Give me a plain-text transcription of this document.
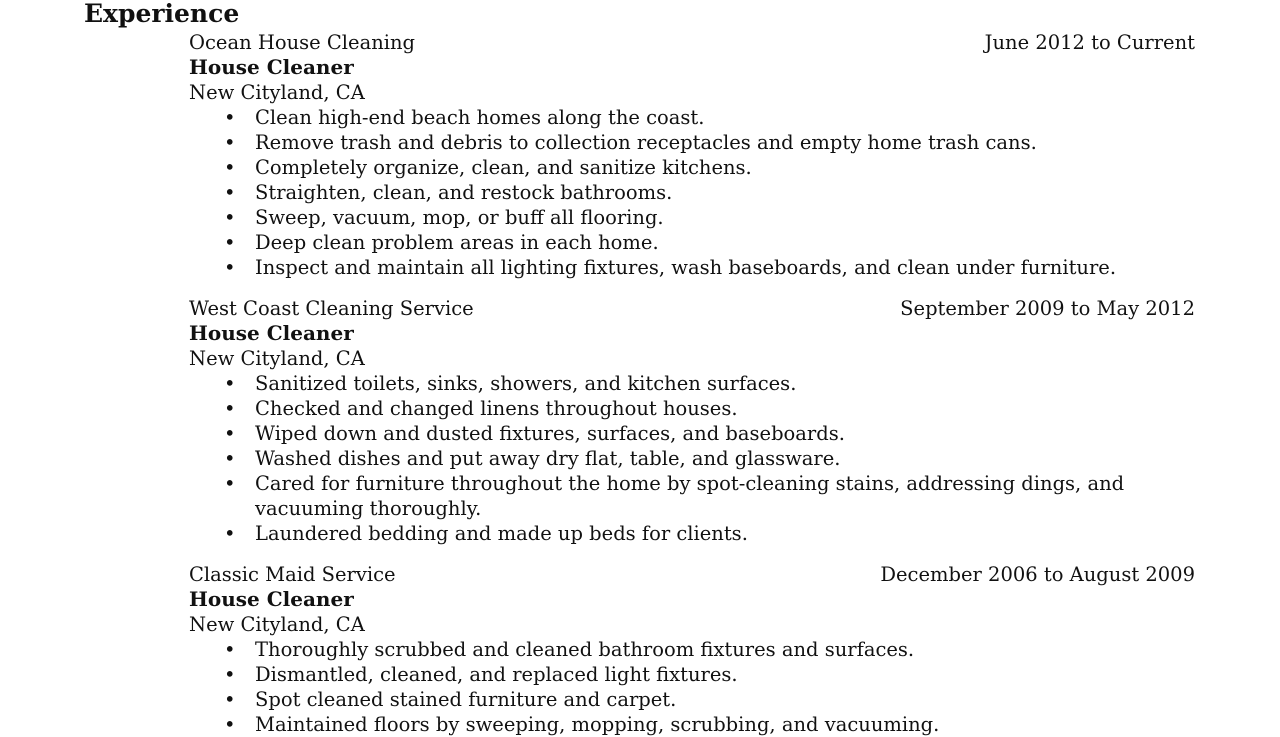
Experience
Ocean House Cleaning	June 2012 to Current
House Cleaner
New Cityland, CA
• Clean high-end beach homes along the coast.
• Remove trash and debris to collection receptacles and empty home trash cans.
• Completely organize, clean, and sanitize kitchens.
• Straighten, clean, and restock bathrooms.
• Sweep, vacuum, mop, or buff all flooring.
• Deep clean problem areas in each home.
• Inspect and maintain all lighting fixtures, wash baseboards, and clean under furniture.
West Coast Cleaning Service	September 2009 to May 2012
House Cleaner
New Cityland, CA
• Sanitized toilets, sinks, showers, and kitchen surfaces.
• Checked and changed linens throughout houses.
• Wiped down and dusted fixtures, surfaces, and baseboards.
• Washed dishes and put away dry flat, table, and glassware.
• Cared for furniture throughout the home by spot-cleaning stains, addressing dings, and vacuuming thoroughly.
• Laundered bedding and made up beds for clients.
Classic Maid Service	December 2006 to August 2009
House Cleaner
New Cityland, CA
• Thoroughly scrubbed and cleaned bathroom fixtures and surfaces.
• Dismantled, cleaned, and replaced light fixtures.
• Spot cleaned stained furniture and carpet.
• Maintained floors by sweeping, mopping, scrubbing, and vacuuming.
